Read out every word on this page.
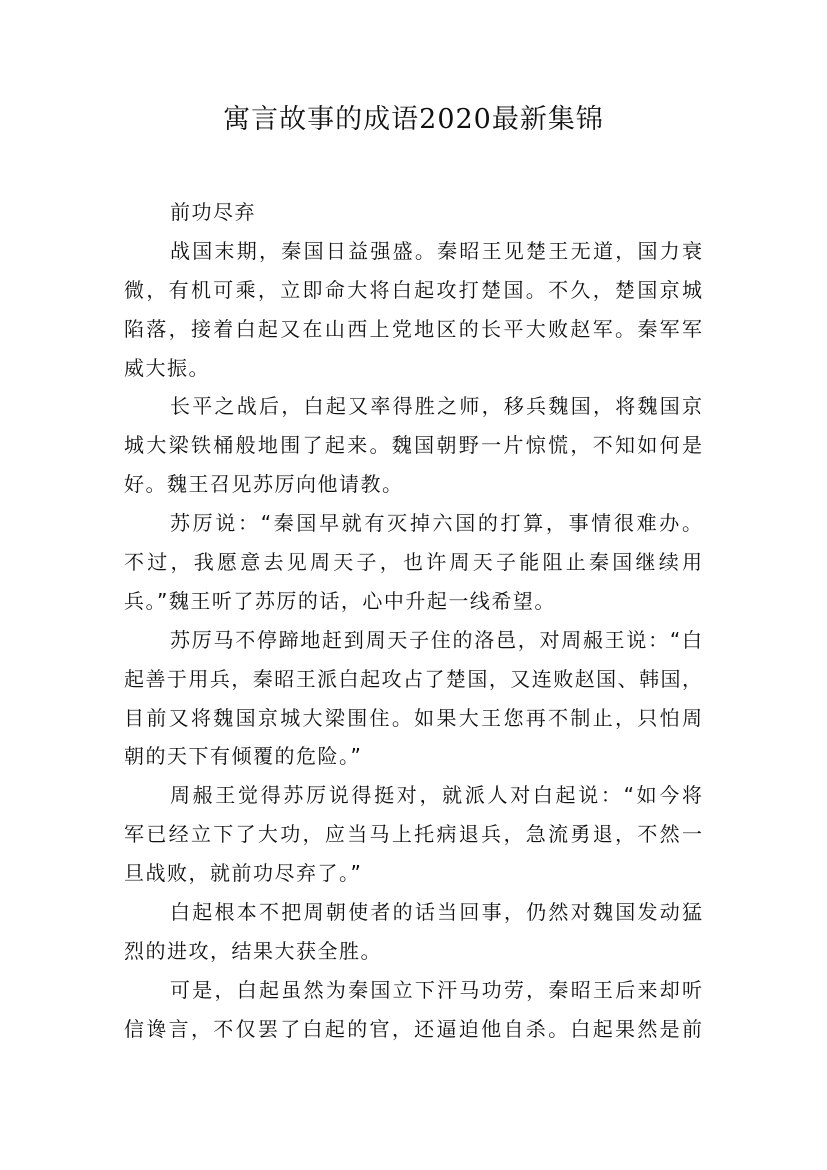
寓言故事的成语2020最新集锦
前功尽弃
战国末期，秦国日益强盛。秦昭王见楚王无道，国力衰
微，有机可乘，立即命大将白起攻打楚国。不久，楚国京城
陷落，接着白起又在山西上党地区的长平大败赵军。秦军军
威大振。
长平之战后，白起又率得胜之师，移兵魏国，将魏国京
城大梁铁桶般地围了起来。魏国朝野一片惊慌，不知如何是
好。魏王召见苏厉向他请教。
苏厉说：“秦国早就有灭掉六国的打算，事情很难办。
不过，我愿意去见周天子，也许周天子能阻止秦国继续用
兵。”魏王听了苏厉的话，心中升起一线希望。
苏厉马不停蹄地赶到周天子住的洛邑，对周赧王说：“白
起善于用兵，秦昭王派白起攻占了楚国，又连败赵国、韩国，
目前又将魏国京城大梁围住。如果大王您再不制止，只怕周
朝的天下有倾覆的危险。”
周赧王觉得苏厉说得挺对，就派人对白起说：“如今将
军已经立下了大功，应当马上托病退兵，急流勇退，不然一
旦战败，就前功尽弃了。”
白起根本不把周朝使者的话当回事，仍然对魏国发动猛
烈的进攻，结果大获全胜。
可是，白起虽然为秦国立下汗马功劳，秦昭王后来却听
信谗言，不仅罢了白起的官，还逼迫他自杀。白起果然是前
